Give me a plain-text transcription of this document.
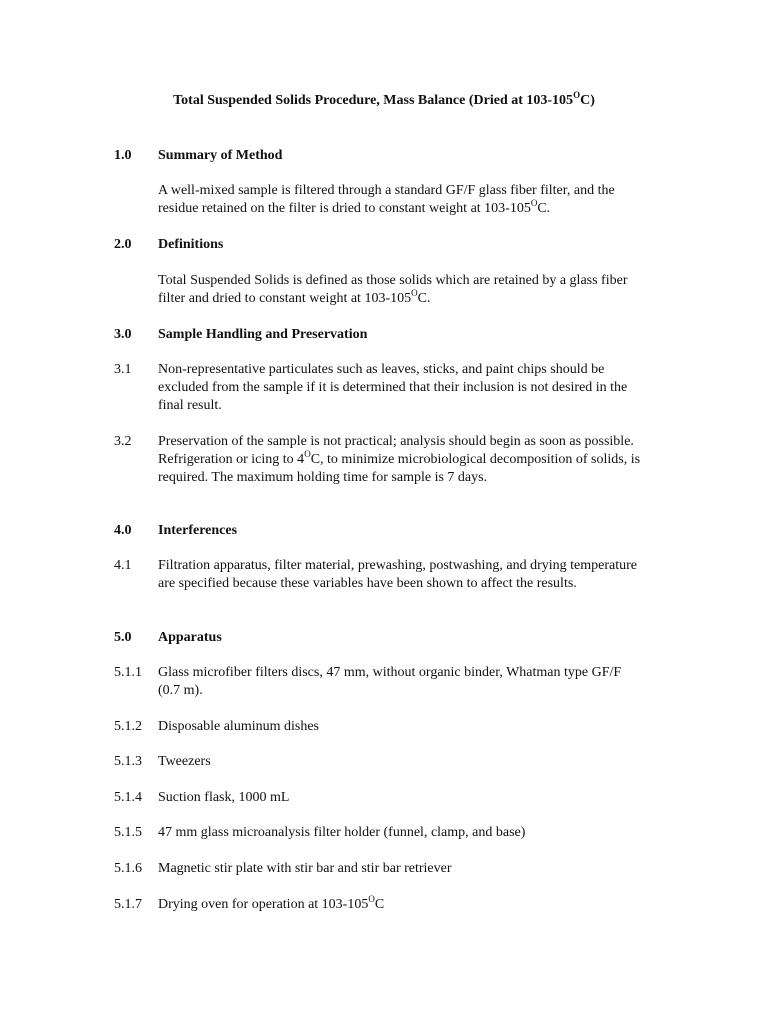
Total Suspended Solids Procedure, Mass Balance (Dried at $103-105^OC$)
1.0 Summary of Method
A well-mixed sample is filtered through a standard GF/F glass fiber filter, and the residue retained on the filter is dried to constant weight at $103-105^OC$.
2.0 Definitions
Total Suspended Solids is defined as those solids which are retained by a glass fiber filter and dried to constant weight at $103-105^OC$.
3.0 Sample Handling and Preservation
3.1 Non-representative particulates such as leaves, sticks, and paint chips should be excluded from the sample if it is determined that their inclusion is not desired in the final result.
3.2 Preservation of the sample is not practical; analysis should begin as soon as possible. Refrigeration or icing to $4^OC$, to minimize microbiological decomposition of solids, is required. The maximum holding time for sample is 7 days.
4.0 Interferences
4.1 Filtration apparatus, filter material, prewashing, postwashing, and drying temperature are specified because these variables have been shown to affect the results.
5.0 Apparatus
5.1.1 Glass microfiber filters discs, 47 mm, without organic binder, Whatman type GF/F (0.7 m).
5.1.2 Disposable aluminum dishes
5.1.3 Tweezers
5.1.4 Suction flask, 1000 mL
5.1.5 47 mm glass microanalysis filter holder (funnel, clamp, and base)
5.1.6 Magnetic stir plate with stir bar and stir bar retriever
5.1.7 Drying oven for operation at $103-105^OC$
